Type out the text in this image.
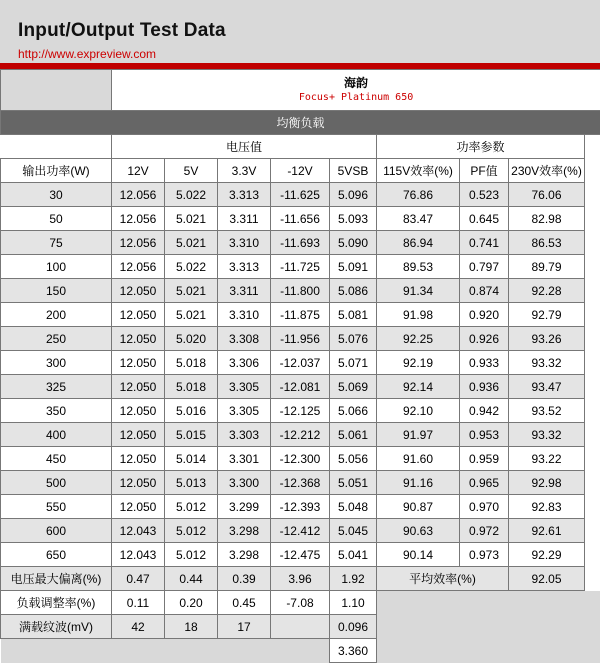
Input/Output Test Data
http://www.expreview.com

	海韵
Focus+ Platinum 650								

均衡负载									
	电压值					功率参数			
输出功率(W)	12V	5V	3.3V	-12V	5VSB	115V效率(%)	PF值	230V效率(%)	
30	12.056	5.022	3.313	-11.625	5.096	76.86	0.523	76.06	
50	12.056	5.021	3.311	-11.656	5.093	83.47	0.645	82.98	
75	12.056	5.021	3.310	-11.693	5.090	86.94	0.741	86.53	
100	12.056	5.022	3.313	-11.725	5.091	89.53	0.797	89.79	
150	12.050	5.021	3.311	-11.800	5.086	91.34	0.874	92.28	
200	12.050	5.021	3.310	-11.875	5.081	91.98	0.920	92.79	
250	12.050	5.020	3.308	-11.956	5.076	92.25	0.926	93.26	
300	12.050	5.018	3.306	-12.037	5.071	92.19	0.933	93.32	
325	12.050	5.018	3.305	-12.081	5.069	92.14	0.936	93.47	
350	12.050	5.016	3.305	-12.125	5.066	92.10	0.942	93.52	
400	12.050	5.015	3.303	-12.212	5.061	91.97	0.953	93.32	
450	12.050	5.014	3.301	-12.300	5.056	91.60	0.959	93.22	
500	12.050	5.013	3.300	-12.368	5.051	91.16	0.965	92.98	
550	12.050	5.012	3.299	-12.393	5.048	90.87	0.970	92.83	
600	12.043	5.012	3.298	-12.412	5.045	90.63	0.972	92.61	
650	12.043	5.012	3.298	-12.475	5.041	90.14	0.973	92.29	
电压最大偏离(%)	0.47	0.44	0.39	3.96	1.92	平均效率(%)		92.05	
负载调整率(%)	0.11	0.20	0.45	-7.08	1.10				
满载纹波(mV)	42	18	17		0.096				
					3.360				
